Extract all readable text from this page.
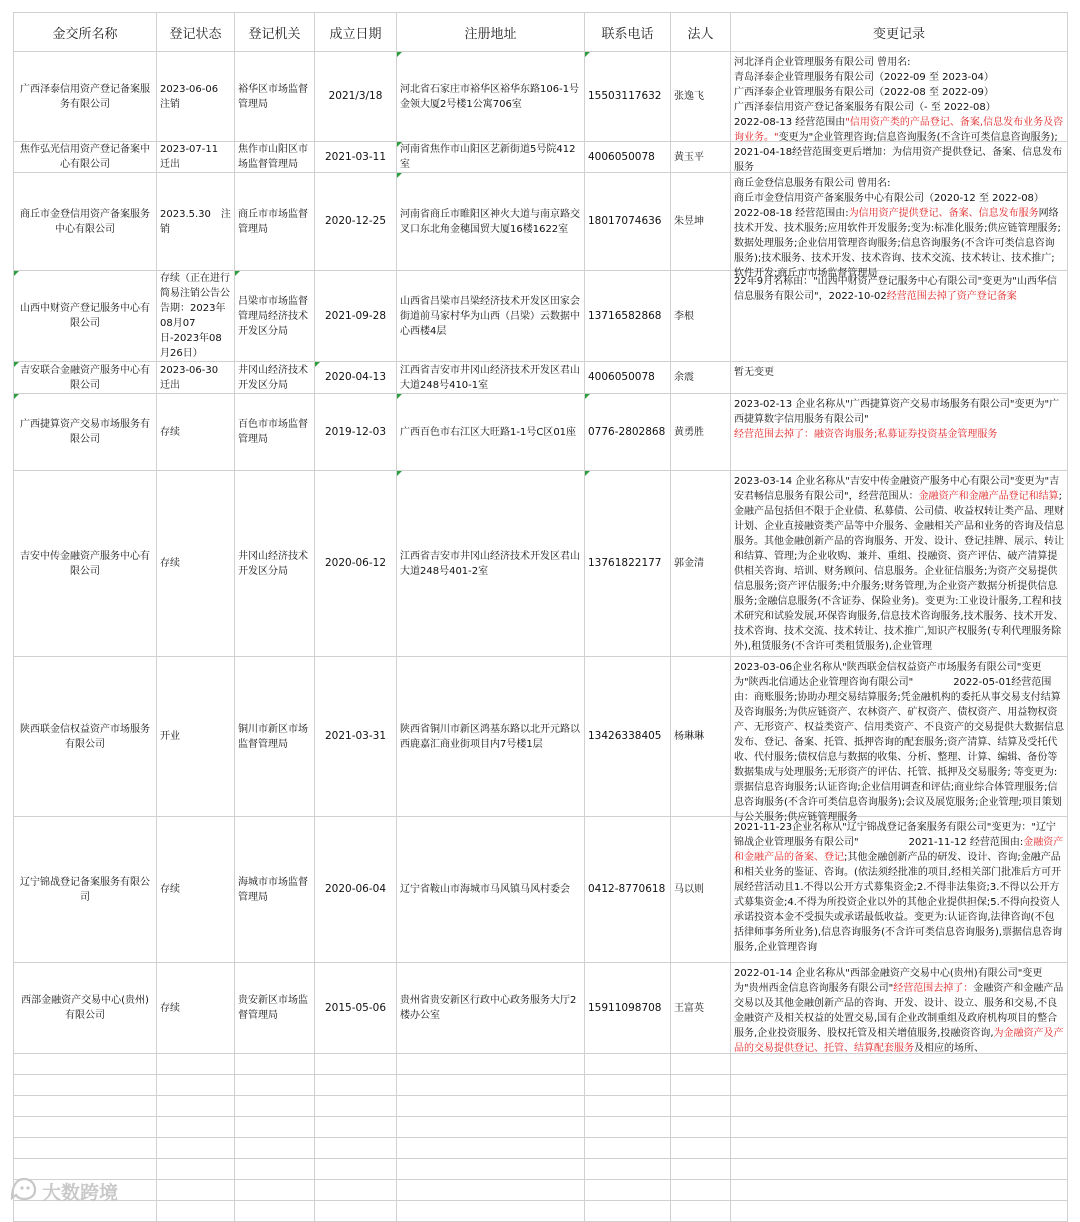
金交所名称	登记状态	登记机关	成立日期	注册地址	联系电话	法人	变更记录
广西泽泰信用资产登记备案服务有限公司	2023-06-06　注销	裕华区市场监督管理局	2021/3/18	河北省石家庄市裕华区裕华东路106-1号金领大厦2号楼1公寓706室	15503117632	张逸飞	河北泽肖企业管理服务有限公司 曾用名:
青岛泽泰企业管理服务有限公司（2022-09 至 2023-04）
广西泽泰企业管理服务有限公司（2022-08 至 2022-09）
广西泽泰信用资产登记备案服务有限公司（- 至 2022-08）
2022-08-13 经营范围由"信用资产类的产品登记、备案,信息发布业务及咨询业务。"变更为"企业管理咨询;信息咨询服务(不含许可类信息咨询服务);

焦作弘光信用资产登记备案中心有限公司	2023-07-11　迁出	焦作市山阳区市场监督管理局	2021-03-11	河南省焦作市山阳区艺新街道5号院412室	4006050078	黄玉平	2021-04-18经营范围变更后增加：为信用资产提供登记、备案、信息发布服务

商丘市金登信用资产备案服务中心有限公司	2023.5.30　注销	商丘市市场监督管理局	2020-12-25	河南省商丘市睢阳区神火大道与南京路交叉口东北角金穗国贸大厦16楼1622室	18017074636	朱昱坤	商丘金登信息服务有限公司 曾用名:
商丘市金登信用资产备案服务中心有限公司（2020-12 至 2022-08）
2022-08-18 经营范围由:为信用资产提供登记、备案、信息发布服务网络技术开发、技术服务;应用软件开发服务;变为:标准化服务;供应链管理服务;数据处理服务;企业信用管理咨询服务;信息咨询服务(不含许可类信息咨询服务);技术服务、技术开发、技术咨询、技术交流、技术转让、技术推广;软件开发;商丘市市场监督管理局

山西中财资产登记服务中心有限公司	存续（正在进行简易注销公告公告期：2023年08月07日-2023年08月26日）	吕梁市市场监督管理局经济技术开发区分局	2021-09-28	山西省吕梁市吕梁经济技术开发区田家会街道前马家村华为山西（吕梁）云数据中心西楼4层	13716582868	李根	22年9月名称由："山西中财资产登记服务中心有限公司"变更为"山西华信信息服务有限公司"，2022-10-02经营范围去掉了资产登记备案

吉安联合金融资产服务中心有限公司	2023-06-30　迁出	井冈山经济技术开发区分局	2020-04-13	江西省吉安市井冈山经济技术开发区君山大道248号410-1室	4006050078	余震	暂无变更

广西捷算资产交易市场服务有限公司	存续	百色市市场监督管理局	2019-12-03	广西百色市右江区大旺路1-1号C区01座	0776-2802868	黄勇胜	2023-02-13 企业名称从"广西捷算资产交易市场服务有限公司"变更为"广西捷算数字信用服务有限公司"
经营范围去掉了：融资咨询服务;私募证券投资基金管理服务

吉安中传金融资产服务中心有限公司	存续	井冈山经济技术开发区分局	2020-06-12	江西省吉安市井冈山经济技术开发区君山大道248号401-2室	13761822177	郭金清	2023-03-14 企业名称从"吉安中传金融资产服务中心有限公司"变更为"吉安君畅信息服务有限公司"，经营范围从：金融资产和金融产品登记和结算;金融产品包括但不限于企业债、私募债、公司债、收益权转让类产品、理财计划、企业直接融资类产品等中介服务、金融相关产品和业务的咨询及信息服务。其他金融创新产品的咨询服务、开发、设计、登记挂牌、展示、转让和结算、管理;为企业收购、兼并、重组、投融资、资产评估、破产清算提供相关咨询、培训、财务顾问、信息服务。企业征信服务;为资产交易提供信息服务;资产评估服务;中介服务;财务管理,为企业资产数据分析提供信息服务;金融信息服务(不含证券、保险业务)。变更为:工业设计服务,工程和技术研究和试验发展,环保咨询服务,信息技术咨询服务,技术服务、技术开发、技术咨询、技术交流、技术转让、技术推广,知识产权服务(专利代理服务除外),租赁服务(不含许可类租赁服务),企业管理

陕西联金信权益资产市场服务有限公司	开业	铜川市新区市场监督管理局	2021-03-31	陕西省铜川市新区鸿基东路以北开元路以西鹿嘉汇商业街项目内7号楼1层	13426338405	杨琳琳	2023-03-06企业名称从"陕西联金信权益资产市场服务有限公司"变更为"陕西北信通达企业管理咨询有限公司"　　　　2022-05-01经营范围由：商账服务;协助办理交易结算服务;凭金融机构的委托从事交易支付结算及咨询服务;为供应链资产、农林资产、矿权资产、债权资产、用益物权资产、无形资产、权益类资产、信用类资产、不良资产的交易提供大数据信息发布、登记、备案、托管、抵押咨询的配套服务;资产清算、结算及受托代收、代付服务;债权信息与数据的收集、分析、整理、计算、编辑、备份等数据集成与处理服务;无形资产的评估、托管、抵押及交易服务; 等变更为:票据信息咨询服务;认证咨询;企业信用调查和评估;商业综合体管理服务;信息咨询服务(不含许可类信息咨询服务);会议及展览服务;企业管理;项目策划与公关服务;供应链管理服务

辽宁锦战登记备案服务有限公司	存续	海城市市场监督管理局	2020-06-04	辽宁省鞍山市海城市马风镇马风村委会	0412-8770618	马以则	2021-11-23企业名称从"辽宁锦战登记备案服务有限公司"变更为："辽宁锦战企业管理服务有限公司"　　　　　2021-11-12 经营范围由:金融资产和金融产品的备案、登记;其他金融创新产品的研发、设计、咨询;金融产品和相关业务的鉴证、咨询。(依法须经批准的项目,经相关部门批准后方可开展经营活动且1.不得以公开方式募集资金;2.不得非法集资;3.不得以公开方式募集资金;4.不得为所投资企业以外的其他企业提供担保;5.不得向投资人承诺投资本金不受损失或承诺最低收益。变更为:认证咨询,法律咨询(不包括律师事务所业务),信息咨询服务(不含许可类信息咨询服务),票据信息咨询服务,企业管理咨询

西部金融资产交易中心(贵州)有限公司	存续	贵安新区市场监督管理局	2015-05-06	贵州省贵安新区行政中心政务服务大厅2楼办公室	15911098708	王富英	2022-01-14 企业名称从"西部金融资产交易中心(贵州)有限公司"变更为"贵州西金信息咨询服务有限公司"经营范围去掉了：金融资产和金融产品交易以及其他金融创新产品的咨询、开发、设计、设立、服务和交易,不良金融资产及相关权益的处置交易,国有企业改制重组及政府机构项目的整合服务,企业投资服务、股权托管及相关增值服务,投融资咨询,为金融资产及产品的交易提供登记、托管、结算配套服务及相应的场所、

大数跨境
